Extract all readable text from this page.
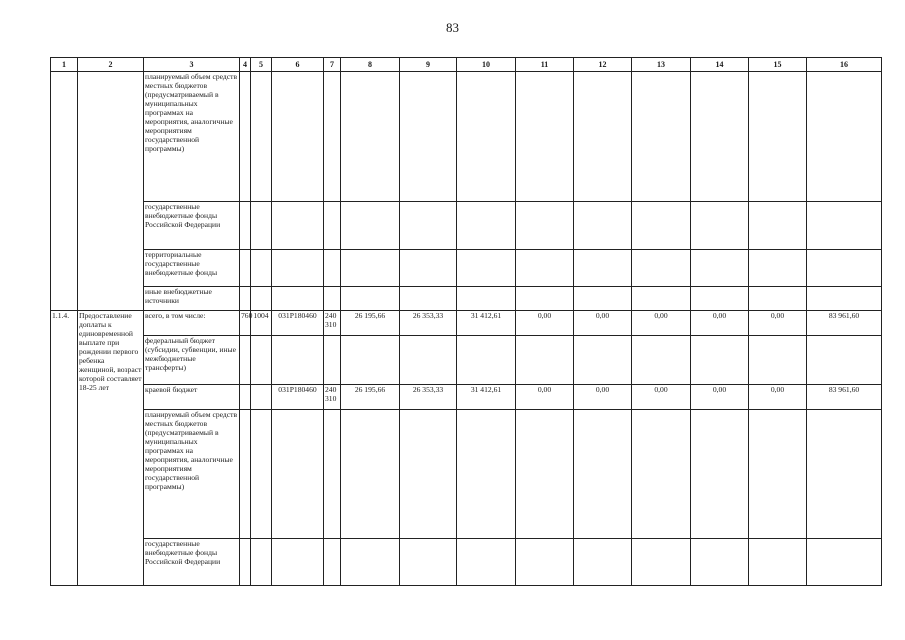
83
1	2	3	4	5	6	7	8	9	10	11	12	13	14	15	16
		планируемый объем средств местных бюджетов (предусматриваемый в муниципальных программах на мероприятия, аналогичные мероприятиям государственной программы)													
		государственные внебюджетные фонды Российской Федерации													
		территориальные государственные внебюджетные фонды													
		иные внебюджетные источники													
1.1.4.	Предоставление доплаты к единовременной выплате при рождении первого ребенка женщиной, возраст которой составляет 18-25 лет	всего, в том числе:	760	1004	031P180460	240 310	26 195,66	26 353,33	31 412,61	0,00	0,00	0,00	0,00	0,00	83 961,60
		федеральный бюджет (субсидии, субвенции, иные межбюджетные трансферты)													
		краевой бюджет			031P180460	240 310	26 195,66	26 353,33	31 412,61	0,00	0,00	0,00	0,00	0,00	83 961,60
		планируемый объем средств местных бюджетов (предусматриваемый в муниципальных программах на мероприятия, аналогичные мероприятиям государственной программы)													
		государственные внебюджетные фонды Российской Федерации													
